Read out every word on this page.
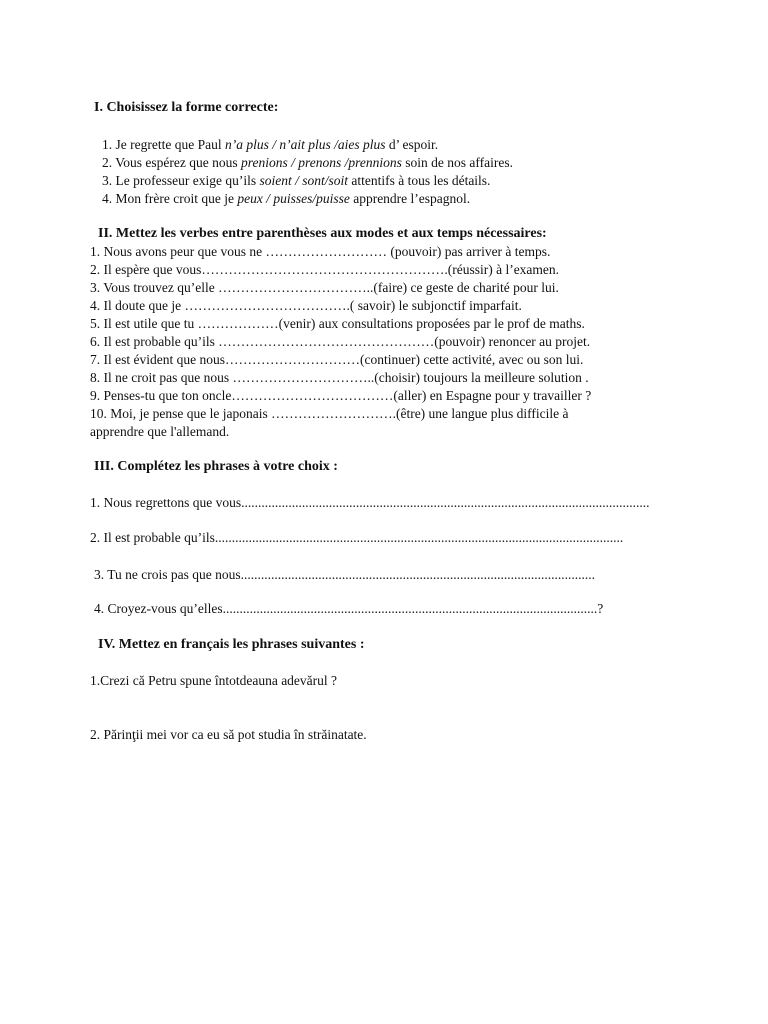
I. Choisissez la forme correcte:
1. Je regrette que Paul n’a plus / n’ait plus /aies plus d’ espoir.
2. Vous espérez que nous prenions / prenons /prennions soin de nos affaires.
3. Le professeur exige qu’ils soient / sont/soit attentifs à tous les détails.
4. Mon frère croit que je peux / puisses/puisse apprendre l’espagnol.
II. Mettez les verbes entre parenthèses aux modes et aux temps nécessaires:
1. Nous avons peur que vous ne ……………………… (pouvoir) pas arriver à temps.
2. Il espère que vous……………………………………………….(réussir) à l’examen.
3. Vous trouvez qu’elle ……………………………..(faire) ce geste de charité pour lui.
4. Il doute que je ……………………………….( savoir) le subjonctif imparfait.
5. Il est utile que tu ………………(venir) aux consultations proposées par le prof de maths.
6. Il est probable qu’ils …………………………………………(pouvoir) renoncer au projet.
7. Il est évident que nous…………………………(continuer) cette activité, avec ou son lui.
8. Il ne croit pas que nous …………………………..(choisir) toujours la meilleure solution .
9. Penses-tu que ton oncle………………………………(aller) en Espagne pour y travailler ?
10. Moi, je pense que le japonais ……………………….(être) une langue plus difficile à
apprendre que l'allemand.
III. Complétez les phrases à votre choix :
1. Nous regrettons que vous.........................................................................................................................
2. Il est probable qu’ils.........................................................................................................................
3. Tu ne crois pas que nous.........................................................................................................
4. Croyez-vous qu’elles...............................................................................................................?
IV. Mettez en français les phrases suivantes :
1.Crezi că Petru spune întotdeauna adevărul ?
2. Părinţii mei vor ca eu să pot studia în străinatate.
